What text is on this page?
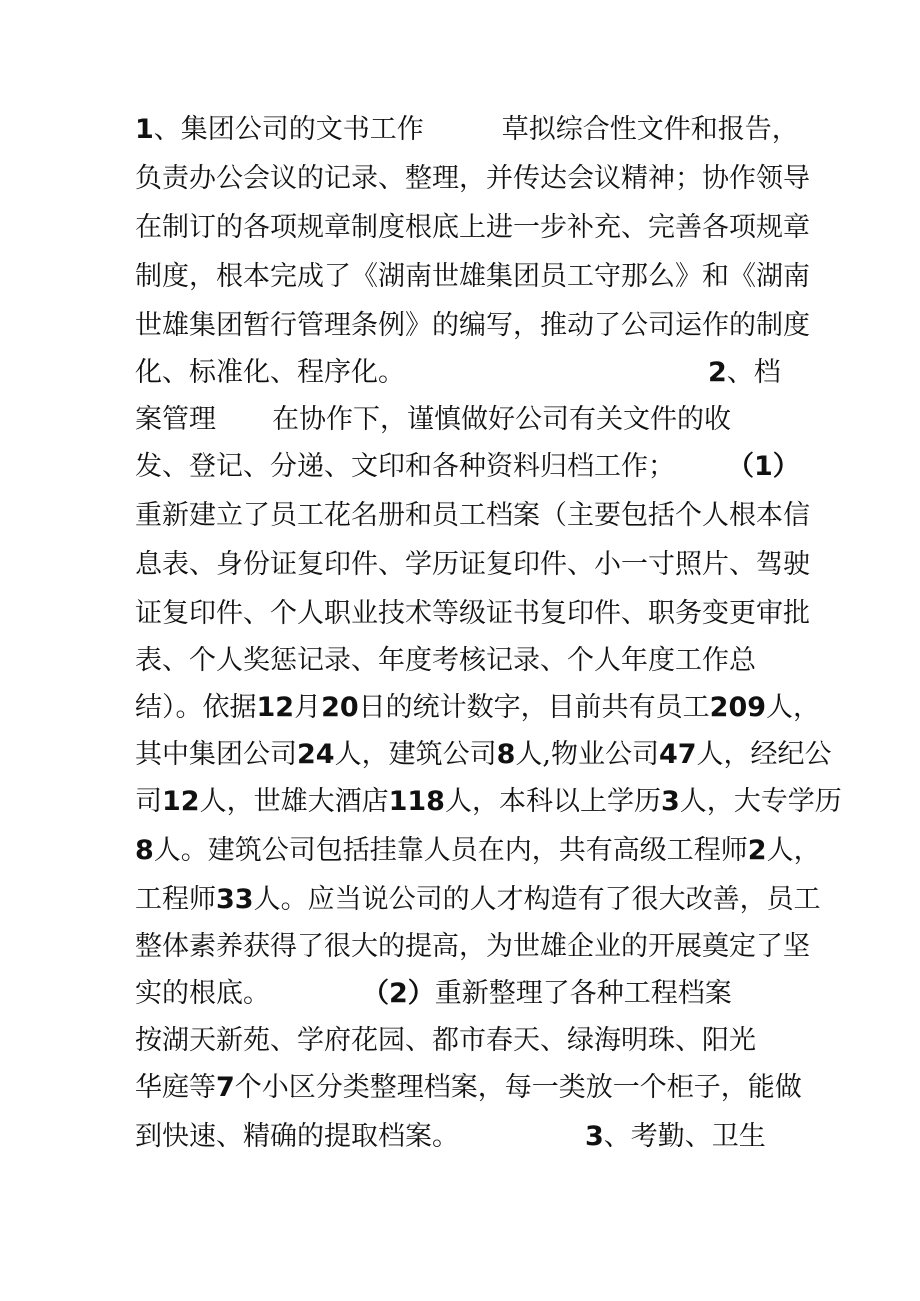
1、集团公司的文书工作	草拟综合性文件和报告，
负责办公会议的记录、整理，并传达会议精神；协作领导
在制订的各项规章制度根底上进一步补充、完善各项规章
制度，根本完成了《湖南世雄集团员工守那么》和《湖南
世雄集团暂行管理条例》的编写，推动了公司运作的制度
化、标准化、程序化。	2、档
案管理 在协作下，谨慎做好公司有关文件的收
发、登记、分递、文印和各种资料归档工作； （1）
重新建立了员工花名册和员工档案（主要包括个人根本信
息表、身份证复印件、学历证复印件、小一寸照片、驾驶
证复印件、个人职业技术等级证书复印件、职务变更审批
表、个人奖惩记录、年度考核记录、个人年度工作总
结）。依据12月20日的统计数字，目前共有员工209人，
其中集团公司24人，建筑公司8人,物业公司47人，经纪公
司12人，世雄大酒店118人，本科以上学历3人，大专学历
8人。建筑公司包括挂靠人员在内，共有高级工程师2人，
工程师33人。应当说公司的人才构造有了很大改善，员工
整体素养获得了很大的提高，为世雄企业的开展奠定了坚
实的根底。	（2）重新整理了各种工程档案
按湖天新苑、学府花园、都市春天、绿海明珠、阳光
华庭等7个小区分类整理档案，每一类放一个柜子，能做
到快速、精确的提取档案。	3、考勤、卫生
